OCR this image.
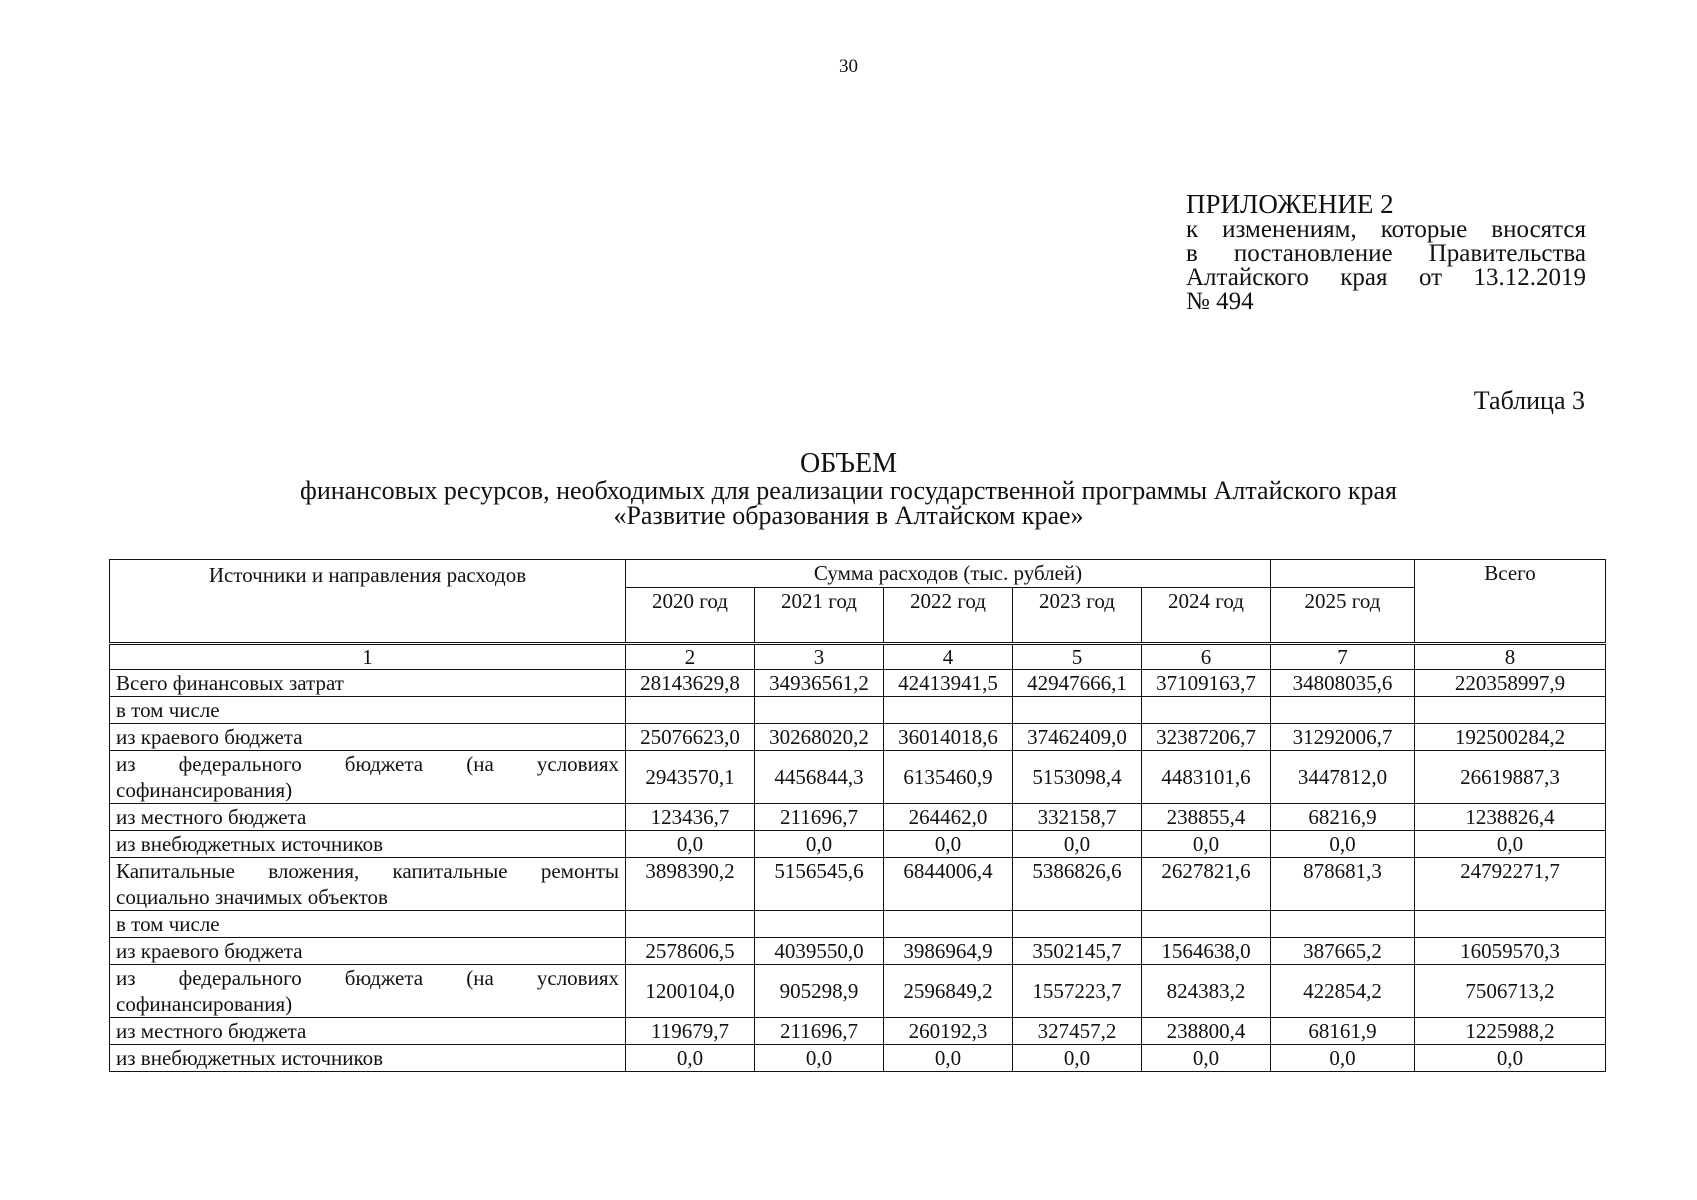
30
ПРИЛОЖЕНИЕ 2
к изменениям, которые вносятся
в постановление Правительства
Алтайского края от 13.12.2019
№ 494
Таблица 3
ОБЪЕМ
финансовых ресурсов, необходимых для реализации государственной программы Алтайского края
«Развитие образования в Алтайском крае»
Источники и направления расходов	Сумма расходов (тыс. рублей)						Всего
	2020 год	2021 год	2022 год	2023 год	2024 год	2025 год	
1	2	3	4	5	6	7	8
Всего финансовых затрат	28143629,8	34936561,2	42413941,5	42947666,1	37109163,7	34808035,6	220358997,9
в том числе							
из краевого бюджета	25076623,0	30268020,2	36014018,6	37462409,0	32387206,7	31292006,7	192500284,2
из федерального бюджета (на условиях софинансирования)	2943570,1	4456844,3	6135460,9	5153098,4	4483101,6	3447812,0	26619887,3
из местного бюджета	123436,7	211696,7	264462,0	332158,7	238855,4	68216,9	1238826,4
из внебюджетных источников	0,0	0,0	0,0	0,0	0,0	0,0	0,0
Капитальные вложения, капитальные ремонты социально значимых объектов	3898390,2	5156545,6	6844006,4	5386826,6	2627821,6	878681,3	24792271,7
в том числе							
из краевого бюджета	2578606,5	4039550,0	3986964,9	3502145,7	1564638,0	387665,2	16059570,3
из федерального бюджета (на условиях софинансирования)	1200104,0	905298,9	2596849,2	1557223,7	824383,2	422854,2	7506713,2
из местного бюджета	119679,7	211696,7	260192,3	327457,2	238800,4	68161,9	1225988,2
из внебюджетных источников	0,0	0,0	0,0	0,0	0,0	0,0	0,0
